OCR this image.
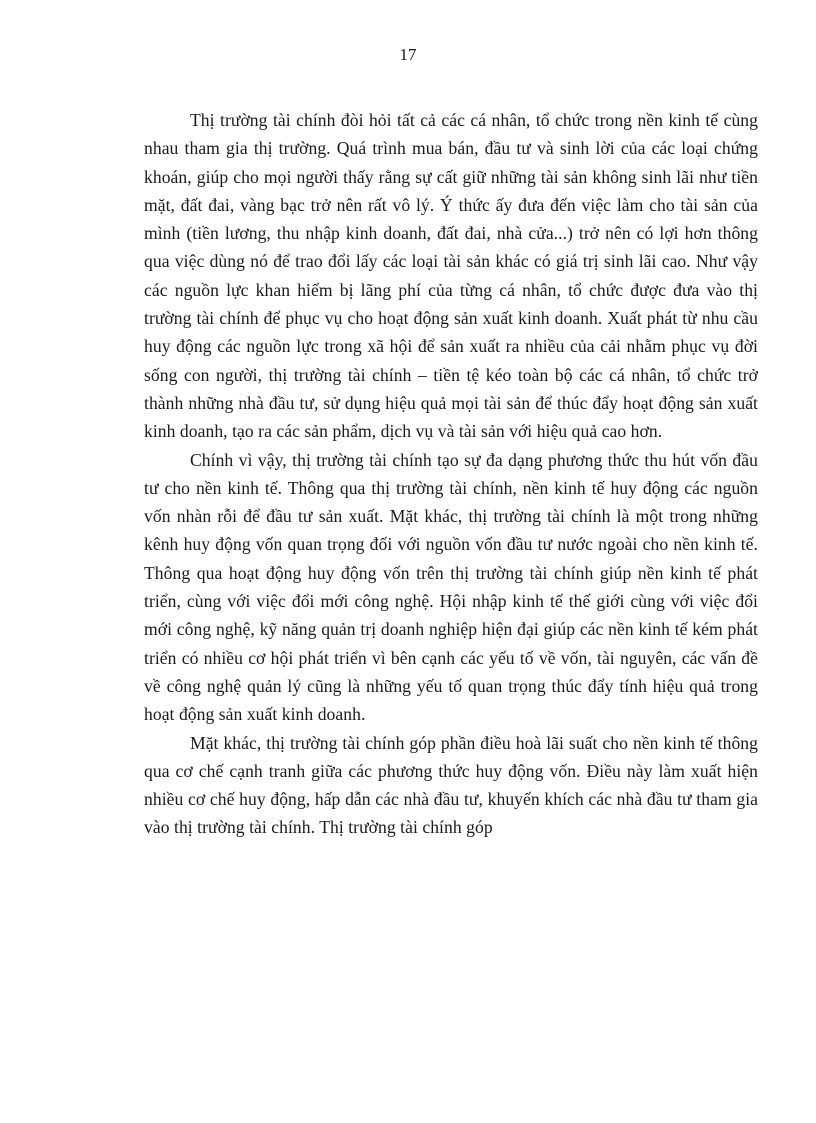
17

Thị trường tài chính đòi hỏi tất cả các cá nhân, tổ chức trong nền kinh tế cùng nhau tham gia thị trường. Quá trình mua bán, đầu tư và sinh lời của các loại chứng khoán, giúp cho mọi người thấy rằng sự cất giữ những tài sản không sinh lãi như tiền mặt, đất đai, vàng bạc trở nên rất vô lý. Ý thức ấy đưa đến việc làm cho tài sản của mình (tiền lương, thu nhập kinh doanh, đất đai, nhà cửa...) trở nên có lợi hơn thông qua việc dùng nó để trao đổi lấy các loại tài sản khác có giá trị sinh lãi cao. Như vậy các nguồn lực khan hiếm bị lãng phí của từng cá nhân, tổ chức được đưa vào thị trường tài chính để phục vụ cho hoạt động sản xuất kinh doanh. Xuất phát từ nhu cầu huy động các nguồn lực trong xã hội để sản xuất ra nhiều của cải nhằm phục vụ đời sống con người, thị trường tài chính – tiền tệ kéo toàn bộ các cá nhân, tổ chức trở thành những nhà đầu tư, sử dụng hiệu quả mọi tài sản để thúc đẩy hoạt động sản xuất kinh doanh, tạo ra các sản phẩm, dịch vụ và tài sản với hiệu quả cao hơn.

Chính vì vậy, thị trường tài chính tạo sự đa dạng phương thức thu hút vốn đầu tư cho nền kinh tế. Thông qua thị trường tài chính, nền kinh tế huy động các nguồn vốn nhàn rỗi để đầu tư sản xuất. Mặt khác, thị trường tài chính là một trong những kênh huy động vốn quan trọng đối với nguồn vốn đầu tư nước ngoài cho nền kinh tế. Thông qua hoạt động huy động vốn trên thị trường tài chính giúp nền kinh tế phát triển, cùng với việc đổi mới công nghệ. Hội nhập kinh tế thế giới cùng với việc đổi mới công nghệ, kỹ năng quản trị doanh nghiệp hiện đại giúp các nền kinh tế kém phát triển có nhiều cơ hội phát triển vì bên cạnh các yếu tố về vốn, tài nguyên, các vấn đề về công nghệ quản lý cũng là những yếu tố quan trọng thúc đẩy tính hiệu quả trong hoạt động sản xuất kinh doanh.

Mặt khác, thị trường tài chính góp phần điều hoà lãi suất cho nền kinh tế thông qua cơ chế cạnh tranh giữa các phương thức huy động vốn. Điều này làm xuất hiện nhiều cơ chế huy động, hấp dẫn các nhà đầu tư, khuyến khích các nhà đầu tư tham gia vào thị trường tài chính. Thị trường tài chính góp
